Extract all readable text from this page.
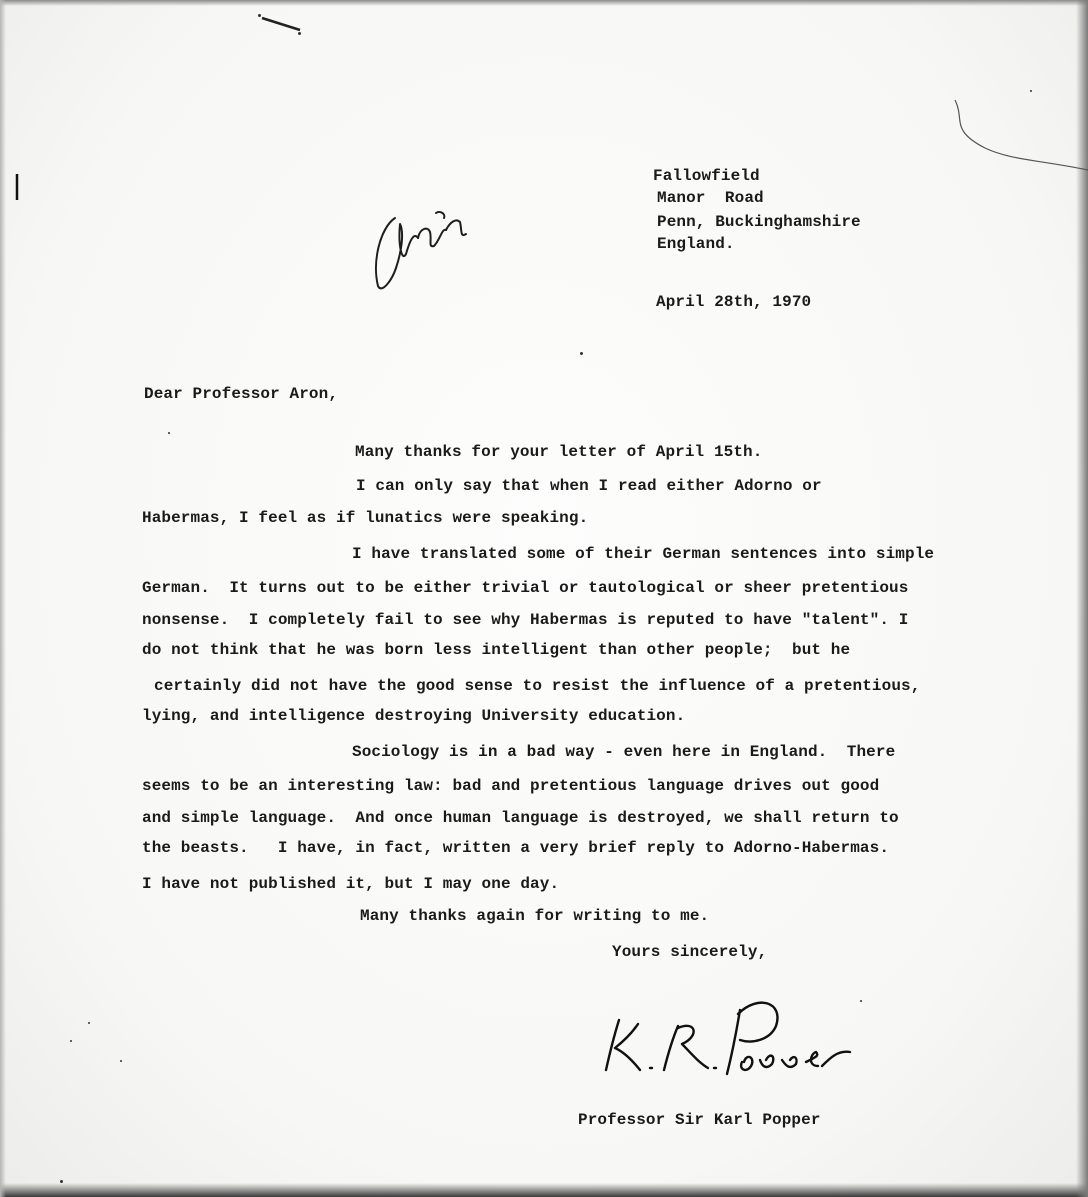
Fallowfield
Manor  Road
Penn, Buckinghamshire
England.
April 28th, 1970
Dear Professor Aron,
Many thanks for your letter of April 15th.
I can only say that when I read either Adorno or
Habermas, I feel as if lunatics were speaking.
I have translated some of their German sentences into simple
German.  It turns out to be either trivial or tautological or sheer pretentious
nonsense.  I completely fail to see why Habermas is reputed to have "talent". I
do not think that he was born less intelligent than other people;  but he
certainly did not have the good sense to resist the influence of a pretentious,
lying, and intelligence destroying University education.
Sociology is in a bad way - even here in England.  There
seems to be an interesting law: bad and pretentious language drives out good
and simple language.  And once human language is destroyed, we shall return to
the beasts.   I have, in fact, written a very brief reply to Adorno-Habermas.
I have not published it, but I may one day.
Many thanks again for writing to me.
Yours sincerely,
Professor Sir Karl Popper
